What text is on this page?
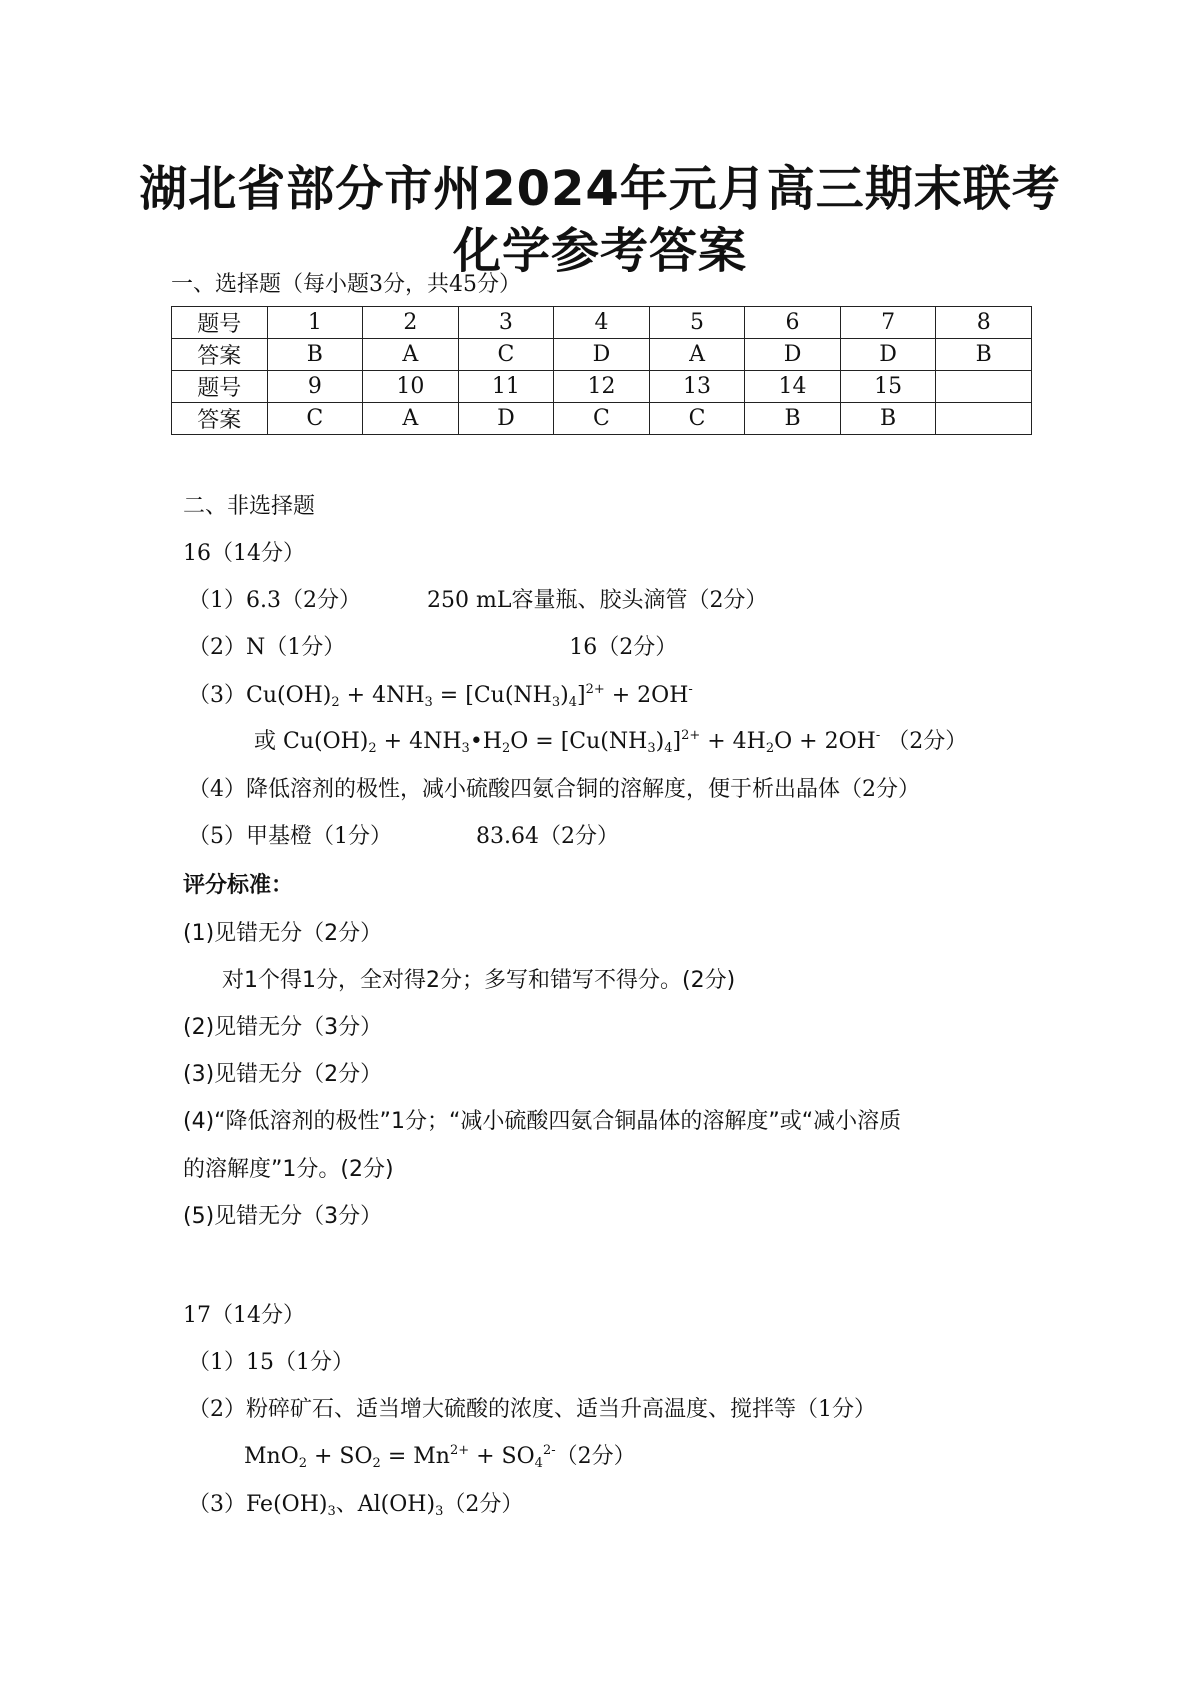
湖北省部分市州2024年元月高三期末联考
化学参考答案
一、选择题（每小题3分，共45分）
题号	1	2	3	4	5	6	7	8
答案	B	A	C	D	A	D	D	B
题号	9	10	11	12	13	14	15	
答案	C	A	D	C	C	B	B	
二、非选择题
16（14分）
（1）6.3（2分）	250 mL容量瓶、胶头滴管（2分）
（2）N（1分）	16（2分）
$(3)Cu(OH)_2 + 4NH_3 = [Cu(NH_3)_4]^{2+} + 2OH^-$
或 $Cu(OH)_2$ + $4NH_3•H_2O = [Cu(NH_3)_4]^{2+} + 4H_2O + 2OH^-$ （2分）
（4）降低溶剂的极性，减小硫酸四氨合铜的溶解度，便于析出晶体（2分）
（5）甲基橙（1分）	83.64（2分）
评分标准：
(1)见错无分（2分）
对1个得1分，全对得2分；多写和错写不得分。(2分)
(2)见错无分（3分）
(3)见错无分（2分）
(4)“降低溶剂的极性”1分；“减小硫酸四氨合铜晶体的溶解度”或“减小溶质
的溶解度”1分。(2分)
(5)见错无分（3分）
17（14分）
（1）15（1分）
（2）粉碎矿石、适当增大硫酸的浓度、适当升高温度、搅拌等（1分）
$MnO_2 + SO_2 = Mn^{2+} + SO_4^{2-}(2$分）
$(3)Fe(OH)_3$、$Al(OH)_3(2$分）
